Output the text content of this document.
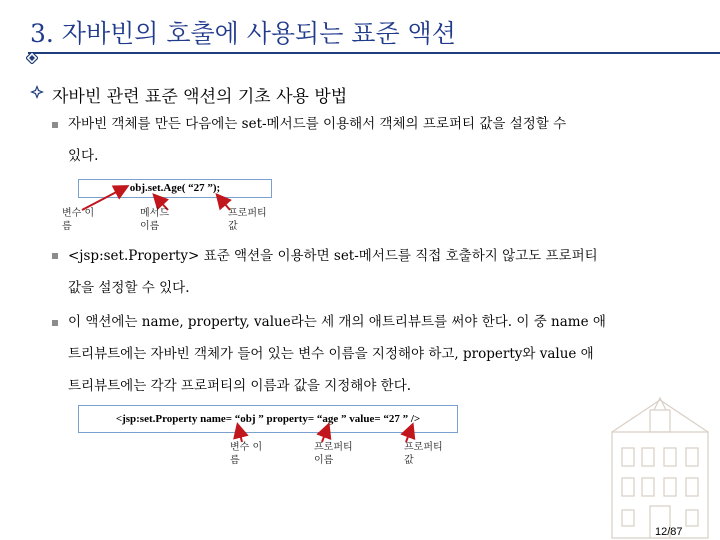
3. 자바빈의 호출에 사용되는 표준 액션
자바빈 관련 표준 액션의 기초 사용 방법
자바빈 객체를 만든 다음에는 set-메서드를 이용해서 객체의 프로퍼티 값을 설정할 수
있다.
obj.set.Age( “27 ”);
변수 이름
메서드 이름
프로퍼티 값
<jsp:set.Property> 표준 액션을 이용하면 set-메서드를 직접 호출하지 않고도 프로퍼티
값을 설정할 수 있다.
이 액션에는 name, property, value라는 세 개의 애트리뷰트를 써야 한다. 이 중 name 애
트리뷰트에는 자바빈 객체가 들어 있는 변수 이름을 지정해야 하고, property와 value 애
트리뷰트에는 각각 프로퍼티의 이름과 값을 지정해야 한다.
<jsp:set.Property name= “obj ” property= “age ” value= “27 ” />
변수 이름
프로퍼티 이름
프로퍼티 값
12/87
